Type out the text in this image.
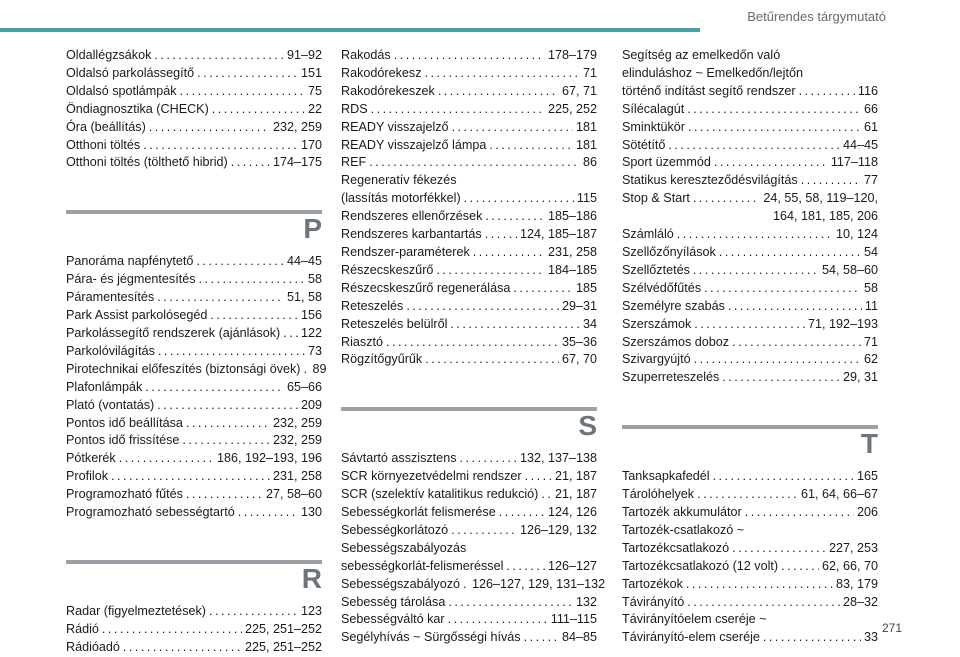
Betűrendes tárgymutató
Oldallégzsákok . . .	91–92
Oldalsó parkolássegítő . . .	151
Oldalsó spotlámpák . . .	75
Öndiagnosztika (CHECK) . . .	22
Óra (beállítás) . . .	232, 259
Otthoni töltés . . .	170
Otthoni töltés (tölthető hibrid) . . .	174–175
P
Panoráma napfénytető . . .	44–45
Pára- és jégmentesítés . . .	58
Páramentesítés . . .	51, 58
Park Assist parkolósegéd . . .	156
Parkolássegítő rendszerek (ajánlások) . . . 122
Parkolóvilágítás . . .	73
Pirotechnikai előfeszítés (biztonsági övek) . . . 89
Plafonlámpák . . .	65–66
Plató (vontatás) . . .	209
Pontos idő beállítása . . .	232, 259
Pontos idő frissítése . . .	232, 259
Pótkerék . . .	186, 192–193, 196
Profilok . . .	231, 258
Programozható fűtés . . .	27, 58–60
Programozható sebességtartó . . .	130
R
Radar (figyelmeztetések) . . .	123
Rádió . . .	225, 251–252
Rádióadó . . .	225, 251–252
Rakodás . . .	178–179
Rakodórekesz . . .	71
Rakodórekeszek . . .	67, 71
RDS . . .	225, 252
READY visszajelző . . .	181
READY visszajelző lámpa . . .	181
REF . . .	86
Regeneratív fékezés
(lassítás motorfékkel) . . .	115
Rendszeres ellenőrzések . . .	185–186
Rendszeres karbantartás . . .	124, 185–187
Rendszer-paraméterek . . .	231, 258
Részecskeszűrő . . .	184–185
Részecskeszűrő regenerálása . . .	185
Reteszelés . . .	29–31
Reteszelés belülről . . .	34
Riasztó . . .	35–36
Rögzítőgyűrűk . . .	67, 70
S
Sávtartó asszisztens . . .	132, 137–138
SCR környezetvédelmi rendszer . . .	21, 187
SCR (szelektív katalitikus redukció) . . . 21, 187
Sebességkorlát felismerése . . .	124, 126
Sebességkorlátozó . . .	126–129, 132
Sebességszabályozás
sebességkorlát-felismeréssel . . .	126–127
Sebességszabályozó . . . 126–127, 129, 131–132
Sebesség tárolása . . .	132
Sebességváltó kar . . .	111–115
Segélyhívás ~ Sürgősségi hívás . . .	84–85
Segítség az emelkedőn való
elinduláshoz ~ Emelkedőn/lejtőn
történő indítást segítő rendszer . . .	116
Sílécalagút . . .	66
Sminktükör . . .	61
Sötétítő . . .	44–45
Sport üzemmód . . .	117–118
Statikus kereszteződésvilágítás . . .	77
Stop & Start . . .	24, 55, 58, 119–120,
164, 181, 185, 206
Számláló . . .	10, 124
Szellőzőnyílások . . .	54
Szellőztetés . . .	54, 58–60
Szélvédőfűtés . . .	58
Személyre szabás . . .	11
Szerszámok . . .	71, 192–193
Szerszámos doboz . . .	71
Szivargyújtó . . .	62
Szuperreteszelés . . .	29, 31
T
Tanksapkafedél . . .	165
Tárolóhelyek . . .	61, 64, 66–67
Tartozék akkumulátor . . .	206
Tartozék-csatlakozó ~
Tartozékcsatlakozó . . .	227, 253
Tartozékcsatlakozó (12 volt) . . .	62, 66, 70
Tartozékok . . .	83, 179
Távirányító . . .	28–32
Távirányítóelem cseréje ~
Távirányító-elem cseréje . . .	33
271
